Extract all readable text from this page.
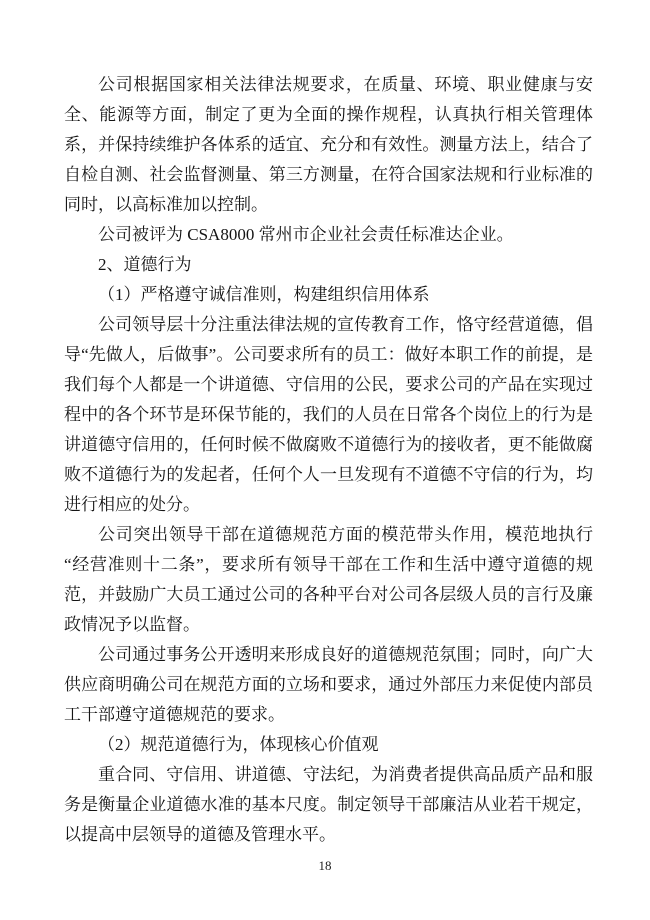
公司根据国家相关法律法规要求，在质量、环境、职业健康与安全、能源等方面，制定了更为全面的操作规程，认真执行相关管理体系，并保持续维护各体系的适宜、充分和有效性。测量方法上，结合了自检自测、社会监督测量、第三方测量，在符合国家法规和行业标准的同时，以高标准加以控制。

公司被评为 CSA8000 常州市企业社会责任标准达企业。

2、道德行为

（1）严格遵守诚信准则，构建组织信用体系

公司领导层十分注重法律法规的宣传教育工作，恪守经营道德，倡导“先做人，后做事”。公司要求所有的员工：做好本职工作的前提，是我们每个人都是一个讲道德、守信用的公民，要求公司的产品在实现过程中的各个环节是环保节能的，我们的人员在日常各个岗位上的行为是讲道德守信用的，任何时候不做腐败不道德行为的接收者，更不能做腐败不道德行为的发起者，任何个人一旦发现有不道德不守信的行为，均进行相应的处分。

公司突出领导干部在道德规范方面的模范带头作用，模范地执行“经营准则十二条”，要求所有领导干部在工作和生活中遵守道德的规范，并鼓励广大员工通过公司的各种平台对公司各层级人员的言行及廉政情况予以监督。

公司通过事务公开透明来形成良好的道德规范氛围；同时，向广大供应商明确公司在规范方面的立场和要求，通过外部压力来促使内部员工干部遵守道德规范的要求。

（2）规范道德行为，体现核心价值观

重合同、守信用、讲道德、守法纪，为消费者提供高品质产品和服务是衡量企业道德水准的基本尺度。制定领导干部廉洁从业若干规定，以提高中层领导的道德及管理水平。

18
